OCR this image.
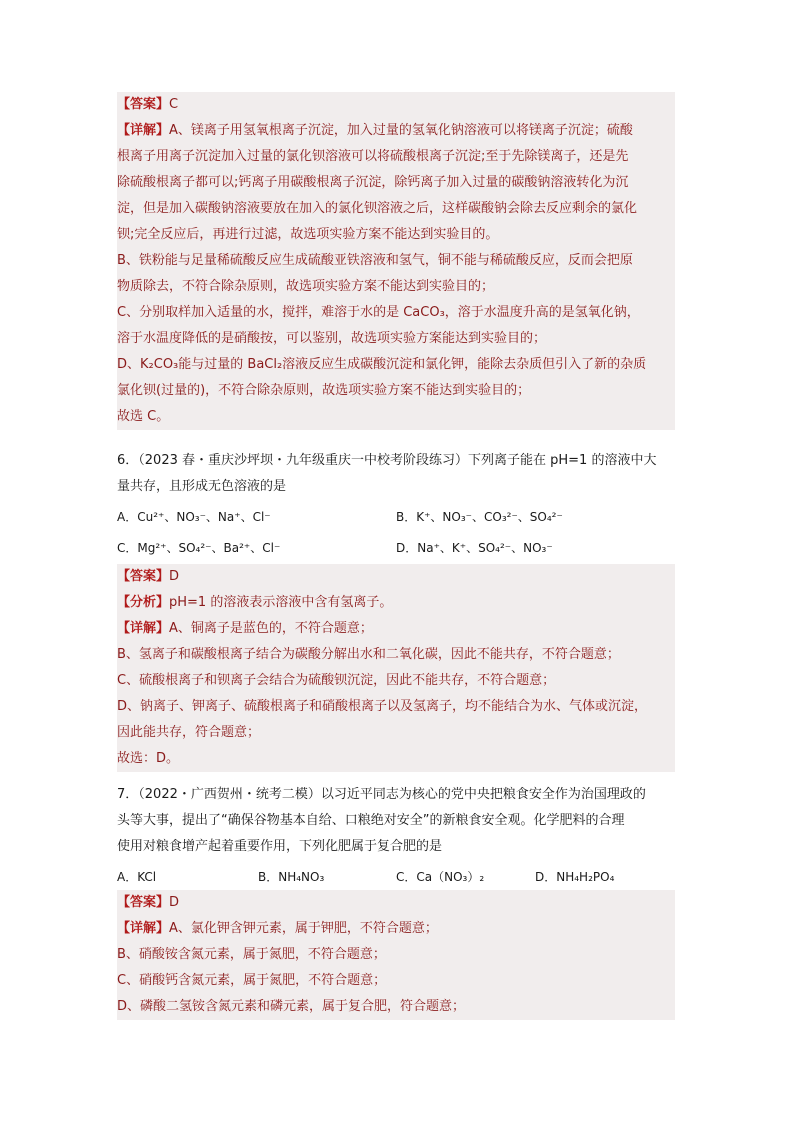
【答案】C
【详解】A、镁离子用氢氧根离子沉淀，加入过量的氢氧化钠溶液可以将镁离子沉淀；硫酸
根离子用离子沉淀加入过量的氯化钡溶液可以将硫酸根离子沉淀;至于先除镁离子，还是先
除硫酸根离子都可以;钙离子用碳酸根离子沉淀，除钙离子加入过量的碳酸钠溶液转化为沉
淀，但是加入碳酸钠溶液要放在加入的氯化钡溶液之后，这样碳酸钠会除去反应剩余的氯化
钡;完全反应后，再进行过滤，故选项实验方案不能达到实验目的。
B、铁粉能与足量稀硫酸反应生成硫酸亚铁溶液和氢气，铜不能与稀硫酸反应，反而会把原
物质除去，不符合除杂原则，故选项实验方案不能达到实验目的；
C、分别取样加入适量的水，搅拌，难溶于水的是 CaCO₃，溶于水温度升高的是氢氧化钠，
溶于水温度降低的是硝酸按，可以鉴别，故选项实验方案能达到实验目的；
D、K₂CO₃能与过量的 BaCl₂溶液反应生成碳酸沉淀和氯化钾，能除去杂质但引入了新的杂质
氯化钡(过量的)，不符合除杂原则，故选项实验方案不能达到实验目的；
故选 C。
6．（2023 春・重庆沙坪坝・九年级重庆一中校考阶段练习）下列离子能在 pH=1 的溶液中大
量共存，且形成无色溶液的是
A．Cu²⁺、NO₃⁻、Na⁺、Cl⁻	B．K⁺、NO₃⁻、CO₃²⁻、SO₄²⁻
C．Mg²⁺、SO₄²⁻、Ba²⁺、Cl⁻	D．Na⁺、K⁺、SO₄²⁻、NO₃⁻
【答案】D
【分析】pH=1 的溶液表示溶液中含有氢离子。
【详解】A、铜离子是蓝色的，不符合题意；
B、氢离子和碳酸根离子结合为碳酸分解出水和二氧化碳，因此不能共存，不符合题意；
C、硫酸根离子和钡离子会结合为硫酸钡沉淀，因此不能共存，不符合题意；
D、钠离子、钾离子、硫酸根离子和硝酸根离子以及氢离子，均不能结合为水、气体或沉淀，
因此能共存，符合题意；
故选：D。
7．（2022・广西贺州・统考二模）以习近平同志为核心的党中央把粮食安全作为治国理政的
头等大事，提出了“确保谷物基本自给、口粮绝对安全”的新粮食安全观。化学肥料的合理
使用对粮食增产起着重要作用，下列化肥属于复合肥的是
A．KCl	B．NH₄NO₃	C．Ca（NO₃）₂	D．NH₄H₂PO₄
【答案】D
【详解】A、氯化钾含钾元素，属于钾肥，不符合题意；
B、硝酸铵含氮元素，属于氮肥，不符合题意；
C、硝酸钙含氮元素，属于氮肥，不符合题意；
D、磷酸二氢铵含氮元素和磷元素，属于复合肥，符合题意；
